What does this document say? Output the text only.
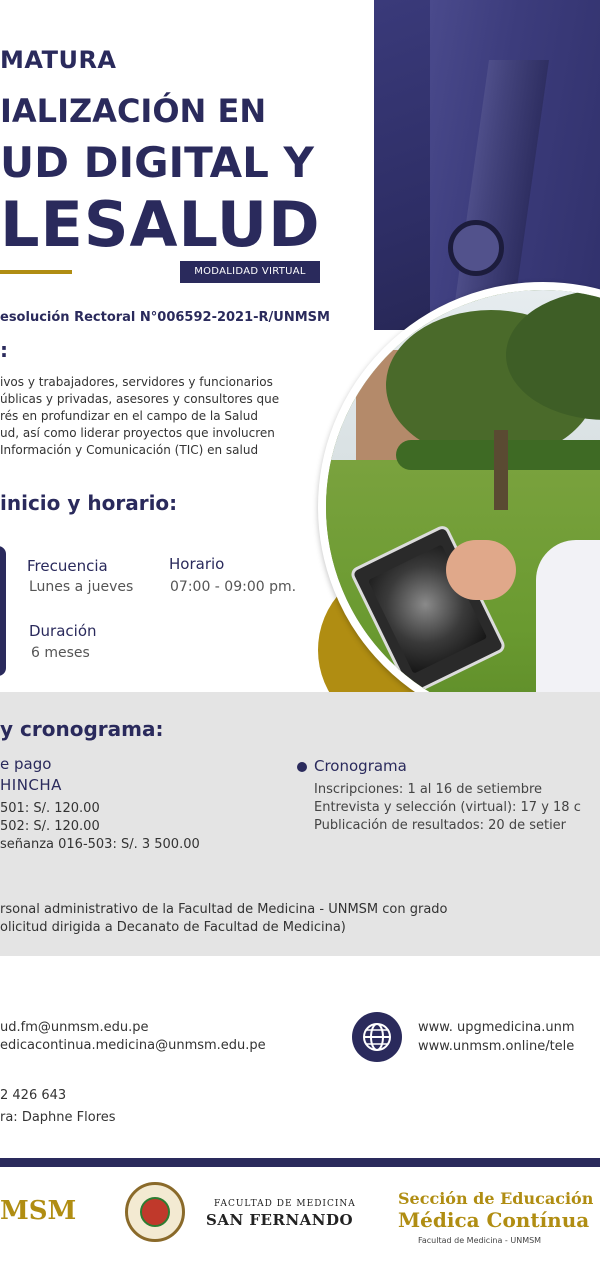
MATURA
IALIZACIÓN EN
UD DIGITAL Y
LESALUD
MODALIDAD VIRTUAL
esolución Rectoral N°006592-2021-R/UNMSM
:
ivos y trabajadores, servidores y funcionarios
úblicas y privadas, asesores y consultores que
rés en profundizar en el campo de la Salud
ud, así como liderar proyectos que involucren
Información y Comunicación (TIC) en salud
inicio y horario:
Frecuencia
Lunes a jueves
Horario
07:00 - 09:00 pm.
Duración
6 meses
y cronograma:
e pago
HINCHA
501: S/. 120.00
502: S/. 120.00
señanza 016-503: S/. 3 500.00
Cronograma
Inscripciones: 1 al 16 de setiembre
Entrevista y selección (virtual): 17 y 18 c
Publicación de resultados: 20 de setier
rsonal administrativo de la Facultad de Medicina - UNMSM con grado
olicitud dirigida a Decanato de Facultad de Medicina)
ud.fm@unmsm.edu.pe
edicacontinua.medicina@unmsm.edu.pe
www. upgmedicina.unm
www.unmsm.online/tele
2 426 643
ra: Daphne Flores
MSM	FACULTAD DE MEDICINA
SAN FERNANDO
Sección de Educación
Médica Contínua
Facultad de Medicina - UNMSM
